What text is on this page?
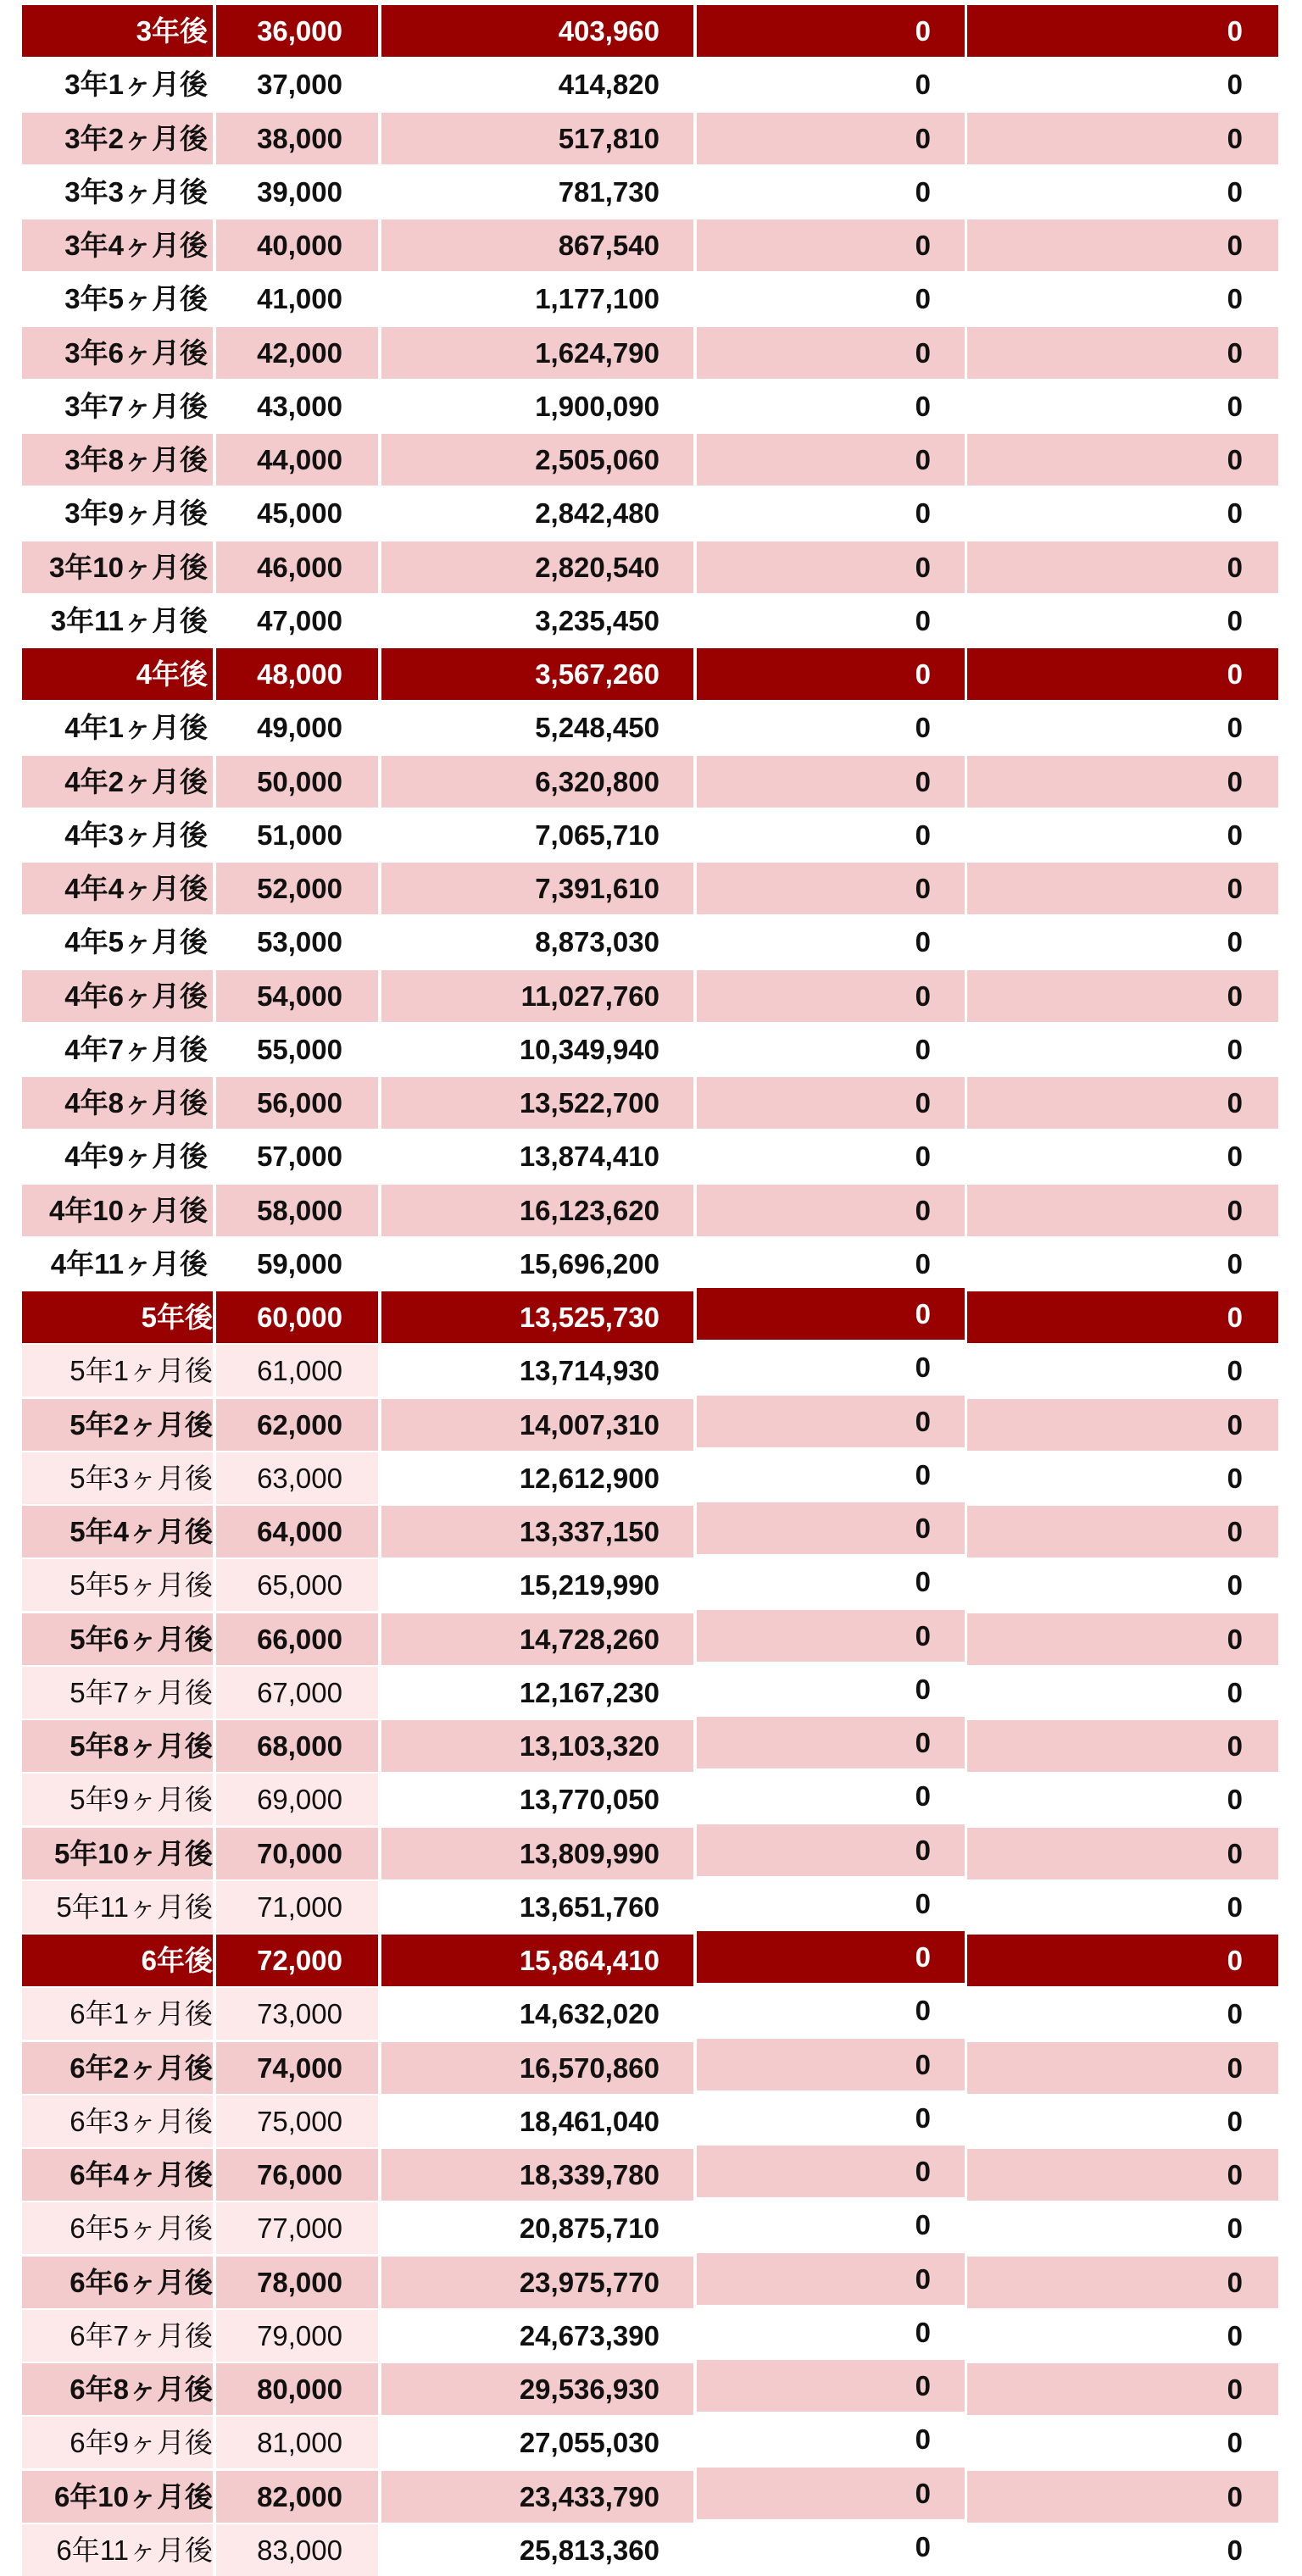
3年後	36,000	403,960	0	0
3年1ヶ月後	37,000	414,820	0	0
3年2ヶ月後	38,000	517,810	0	0
3年3ヶ月後	39,000	781,730	0	0
3年4ヶ月後	40,000	867,540	0	0
3年5ヶ月後	41,000	1,177,100	0	0
3年6ヶ月後	42,000	1,624,790	0	0
3年7ヶ月後	43,000	1,900,090	0	0
3年8ヶ月後	44,000	2,505,060	0	0
3年9ヶ月後	45,000	2,842,480	0	0
3年10ヶ月後	46,000	2,820,540	0	0
3年11ヶ月後	47,000	3,235,450	0	0
4年後	48,000	3,567,260	0	0
4年1ヶ月後	49,000	5,248,450	0	0
4年2ヶ月後	50,000	6,320,800	0	0
4年3ヶ月後	51,000	7,065,710	0	0
4年4ヶ月後	52,000	7,391,610	0	0
4年5ヶ月後	53,000	8,873,030	0	0
4年6ヶ月後	54,000	11,027,760	0	0
4年7ヶ月後	55,000	10,349,940	0	0
4年8ヶ月後	56,000	13,522,700	0	0
4年9ヶ月後	57,000	13,874,410	0	0
4年10ヶ月後	58,000	16,123,620	0	0
4年11ヶ月後	59,000	15,696,200	0	0
5年後	60,000	13,525,730	0	0
5年1ヶ月後	61,000	13,714,930	0	0
5年2ヶ月後	62,000	14,007,310	0	0
5年3ヶ月後	63,000	12,612,900	0	0
5年4ヶ月後	64,000	13,337,150	0	0
5年5ヶ月後	65,000	15,219,990	0	0
5年6ヶ月後	66,000	14,728,260	0	0
5年7ヶ月後	67,000	12,167,230	0	0
5年8ヶ月後	68,000	13,103,320	0	0
5年9ヶ月後	69,000	13,770,050	0	0
5年10ヶ月後	70,000	13,809,990	0	0
5年11ヶ月後	71,000	13,651,760	0	0
6年後	72,000	15,864,410	0	0
6年1ヶ月後	73,000	14,632,020	0	0
6年2ヶ月後	74,000	16,570,860	0	0
6年3ヶ月後	75,000	18,461,040	0	0
6年4ヶ月後	76,000	18,339,780	0	0
6年5ヶ月後	77,000	20,875,710	0	0
6年6ヶ月後	78,000	23,975,770	0	0
6年7ヶ月後	79,000	24,673,390	0	0
6年8ヶ月後	80,000	29,536,930	0	0
6年9ヶ月後	81,000	27,055,030	0	0
6年10ヶ月後	82,000	23,433,790	0	0
6年11ヶ月後	83,000	25,813,360	0	0
